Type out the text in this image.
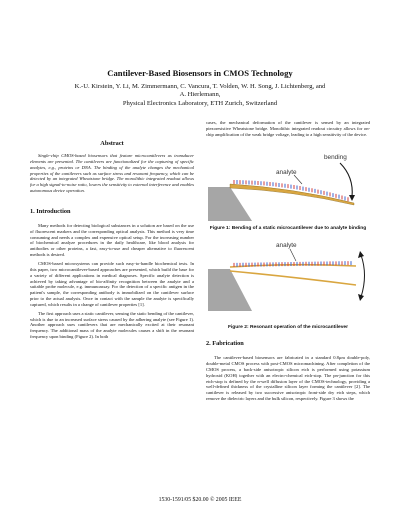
Cantilever-Based Biosensors in CMOS Technology
K.-U. Kirstein, Y. Li, M. Zimmermann, C. Vancura, T. Volden, W. H. Song, J. Lichtenberg, and
A. Hierlemann,
Physical Electronics Laboratory, ETH Zurich, Switzerland
Abstract

Single-chip CMOS-based biosensors that feature microcantilevers as transducer elements are presented. The cantilevers are functionalized for the capturing of specific analytes, e.g., proteins or DNA. The binding of the analyte changes the mechanical properties of the cantilevers such as surface stress and resonant frequency, which can be detected by an integrated Wheatstone bridge. The monolithic integrated readout allows for a high signal-to-noise ratio, lowers the sensitivity to external interference and enables autonomous device operation.

1. Introduction

Many methods for detecting biological substances in a solution are based on the use of fluorescent markers and the corresponding optical analysis. This method is very time consuming and needs a complex and expensive optical setup. For the increasing number of biochemical analyze procedures in the daily healthcare, like blood analysis for antibodies or other proteins, a fast, easy-to-use and cheaper alternative to fluorescent methods is desired.

CMOS-based microsystems can provide such easy-to-handle biochemical tests. In this paper, two microcantilever-based approaches are presented, which build the base for a variety of different applications in medical diagnoses. Specific analyte detection is achieved by taking advantage of bio-affinity recognition between the analyte and a suitable probe molecule, e.g. immunoassay. For the detection of a specific antigen in the patient's sample, the corresponding antibody is immobilized on the cantilever surface prior to the actual analysis. Once in contact with the sample the analyte is specifically captured, which results in a change of cantilever properties [1].

The first approach uses a static cantilever, sensing the static bending of the cantilever, which is due to an increased surface stress caused by the adhering analyte (see Figure 1). Another approach uses cantilevers that are mechanically excited at their resonant frequency. The additional mass of the analyte molecules causes a shift in the resonant frequency upon binding (Figure 2). In both

cases, the mechanical deformation of the cantilever is sensed by an integrated piezoresistive Wheatstone bridge. Monolithic integrated readout circuitry allows for on-chip amplification of the weak bridge voltage, leading to a high sensitivity of the device.

analyte
bending
Figure 1: Bending of a static microcantilever due to analyte binding
analyte
Figure 2: Resonant operation of the microcantilever
2. Fabrication

The cantilever-based biosensors are fabricated in a standard 0.8μm double-poly, double-metal CMOS process with post-CMOS micromachining. After completion of the CMOS process, a back-side anisotropic silicon etch is performed using potassium hydroxid (KOH) together with an electro-chemical etch-stop. The pn-junction for this etch-stop is defined by the n-well diffusion layer of the CMOS-technology, providing a well-defined thickness of the crystalline silicon layer forming the cantilever [2]. The cantilever is released by two successive anisotropic front-side dry etch steps, which remove the dielectric layers and the bulk silicon, respectively. Figure 3 shows the

1530-1591/05 $20.00 © 2005 IEEE
